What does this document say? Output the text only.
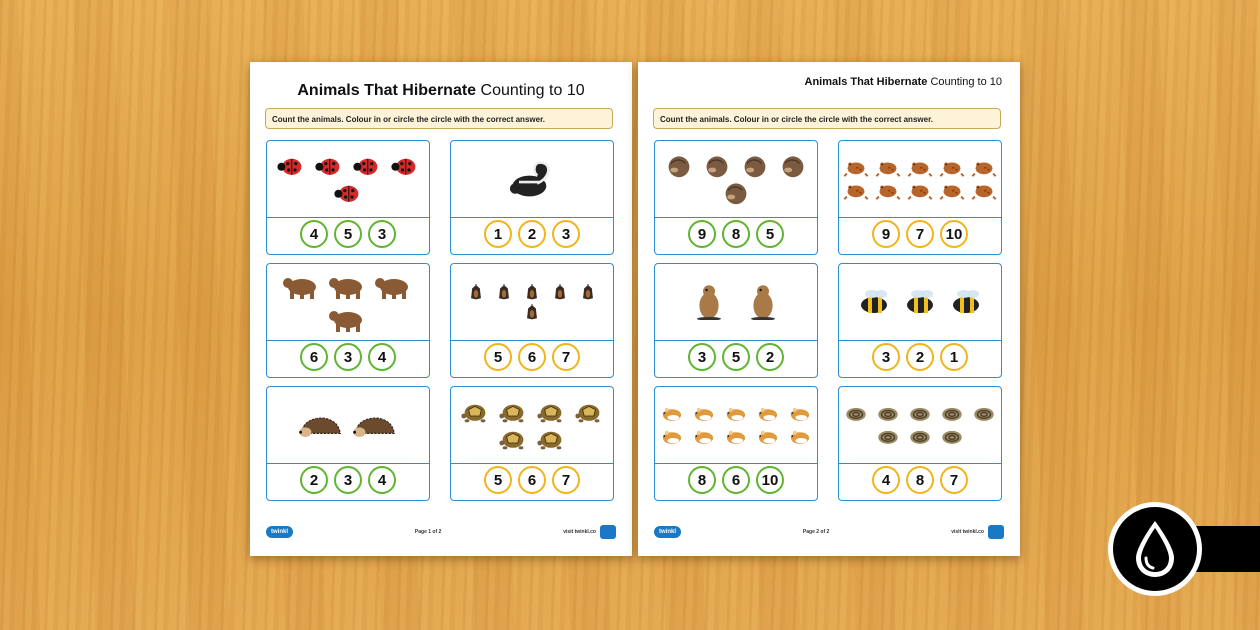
Animals That Hibernate Counting to 10
Count the animals. Colour in or circle the circle with the correct answer.
4	5	3	1	2	3
6	3	4	5	6	7
2	3	4	5	6	7
twinkl	Page 1 of 2	visit twinkl.co
Animals That Hibernate Counting to 10
Count the animals. Colour in or circle the circle with the correct answer.
9	8	5	9	7	10
3	5	2	3	2	1
8	6	10	4	8	7
twinkl	Page 2 of 2	visit twinkl.co
